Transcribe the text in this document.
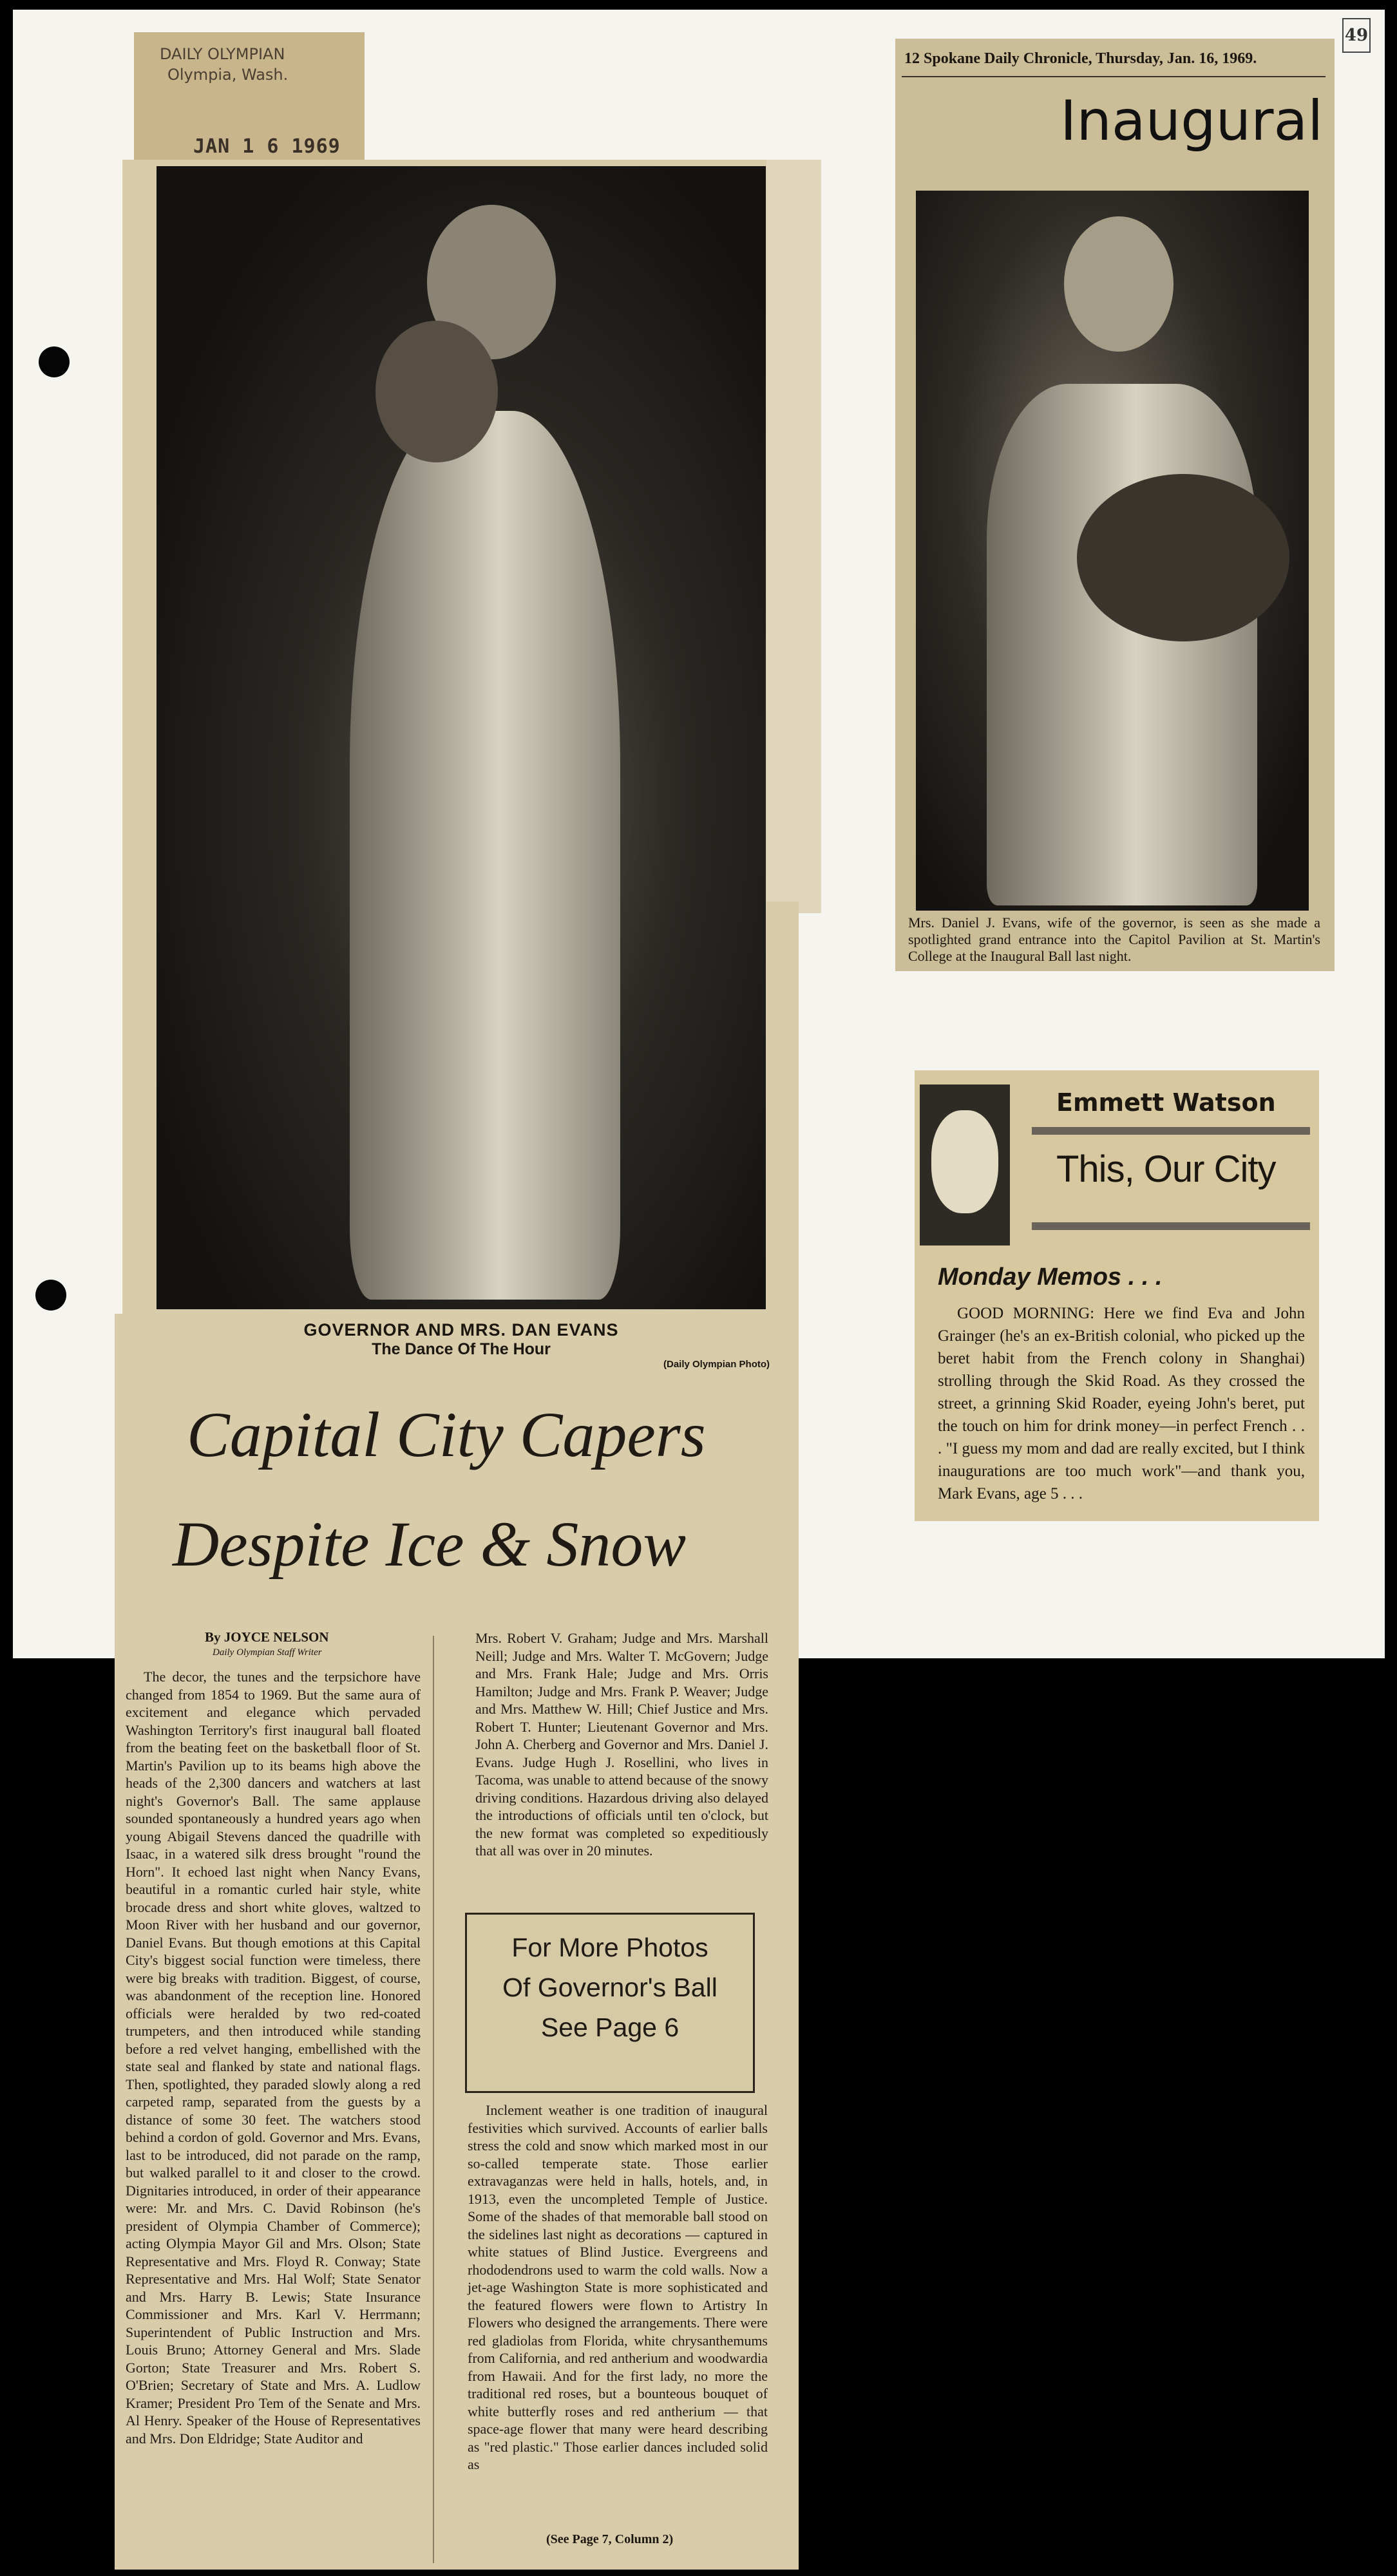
49
DAILY OLYMPIAN
Olympia, Wash.
JAN 1 6 1969
GOVERNOR AND MRS. DAN EVANS
The Dance Of The Hour
(Daily Olympian Photo)
Capital City Capers
Despite Ice & Snow
By JOYCE NELSON
Daily Olympian Staff Writer
The decor, the tunes and the terpsichore have changed from 1854 to 1969. But the same aura of excitement and elegance which pervaded Washington Territory's first inaugural ball floated from the beating feet on the basketball floor of St. Martin's Pavilion up to its beams high above the heads of the 2,300 dancers and watchers at last night's Governor's Ball. The same applause sounded spontaneously a hundred years ago when young Abigail Stevens danced the quadrille with Isaac, in a watered silk dress brought "round the Horn". It echoed last night when Nancy Evans, beautiful in a romantic curled hair style, white brocade dress and short white gloves, waltzed to Moon River with her husband and our governor, Daniel Evans. But though emotions at this Capital City's biggest social function were timeless, there were big breaks with tradition. Biggest, of course, was abandonment of the reception line. Honored officials were heralded by two red-coated trumpeters, and then introduced while standing before a red velvet hanging, embellished with the state seal and flanked by state and national flags. Then, spotlighted, they paraded slowly along a red carpeted ramp, separated from the guests by a distance of some 30 feet. The watchers stood behind a cordon of gold. Governor and Mrs. Evans, last to be introduced, did not parade on the ramp, but walked parallel to it and closer to the crowd. Dignitaries introduced, in order of their appearance were: Mr. and Mrs. C. David Robinson (he's president of Olympia Chamber of Commerce); acting Olympia Mayor Gil and Mrs. Olson; State Representative and Mrs. Floyd R. Conway; State Representative and Mrs. Hal Wolf; State Senator and Mrs. Harry B. Lewis; State Insurance Commissioner and Mrs. Karl V. Herrmann; Superintendent of Public Instruction and Mrs. Louis Bruno; Attorney General and Mrs. Slade Gorton; State Treasurer and Mrs. Robert S. O'Brien; Secretary of State and Mrs. A. Ludlow Kramer; President Pro Tem of the Senate and Mrs. Al Henry. Speaker of the House of Representatives and Mrs. Don Eldridge; State Auditor and
Mrs. Robert V. Graham; Judge and Mrs. Marshall Neill; Judge and Mrs. Walter T. McGovern; Judge and Mrs. Frank Hale; Judge and Mrs. Orris Hamilton; Judge and Mrs. Frank P. Weaver; Judge and Mrs. Matthew W. Hill; Chief Justice and Mrs. Robert T. Hunter; Lieutenant Governor and Mrs. John A. Cherberg and Governor and Mrs. Daniel J. Evans. Judge Hugh J. Rosellini, who lives in Tacoma, was unable to attend because of the snowy driving conditions. Hazardous driving also delayed the introductions of officials until ten o'clock, but the new format was completed so expeditiously that all was over in 20 minutes.
For More Photos
Of Governor's Ball
See Page 6
Inclement weather is one tradition of inaugural festivities which survived. Accounts of earlier balls stress the cold and snow which marked most in our so-called temperate state. Those earlier extravaganzas were held in halls, hotels, and, in 1913, even the uncompleted Temple of Justice. Some of the shades of that memorable ball stood on the sidelines last night as decorations — captured in white statues of Blind Justice. Evergreens and rhododendrons used to warm the cold walls. Now a jet-age Washington State is more sophisticated and the featured flowers were flown to Artistry In Flowers who designed the arrangements. There were red gladiolas from Florida, white chrysanthemums from California, and red antherium and woodwardia from Hawaii. And for the first lady, no more the traditional red roses, but a bounteous bouquet of white butterfly roses and red antherium — that space-age flower that many were heard describing as "red plastic." Those earlier dances included solid as
(See Page 7, Column 2)
12 Spokane Daily Chronicle, Thursday, Jan. 16, 1969.
Inaugural
Mrs. Daniel J. Evans, wife of the governor, is seen as she made a spotlighted grand entrance into the Capitol Pavilion at St. Martin's College at the Inaugural Ball last night.
Emmett Watson
This, Our City
Monday Memos . . .
GOOD MORNING: Here we find Eva and John Grainger (he's an ex-British colonial, who picked up the beret habit from the French colony in Shanghai) strolling through the Skid Road. As they crossed the street, a grinning Skid Roader, eyeing John's beret, put the touch on him for drink money—in perfect French . . . "I guess my mom and dad are really excited, but I think inaugurations are too much work"—and thank you, Mark Evans, age 5 . . .
